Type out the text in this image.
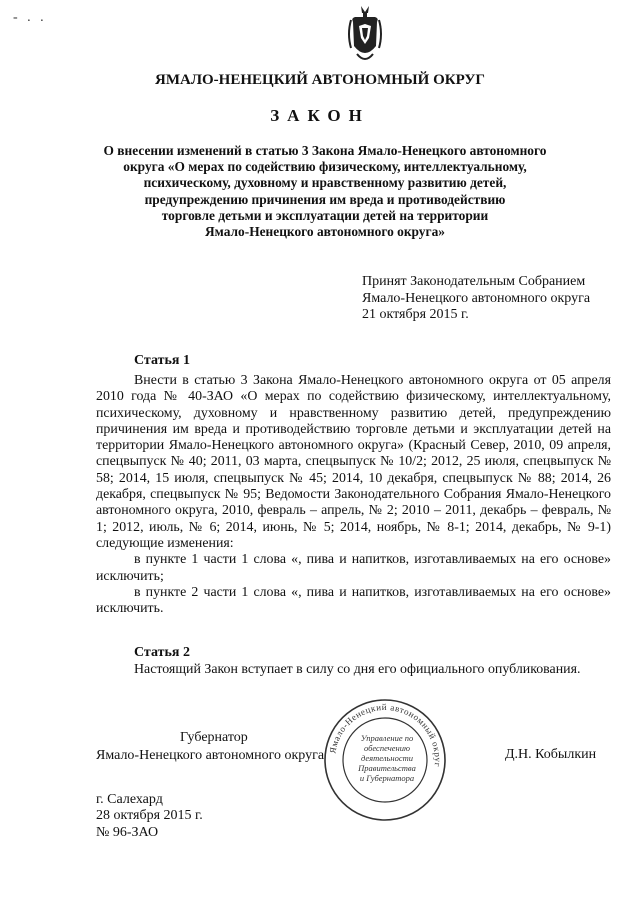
- . .
ЯМАЛО-НЕНЕЦКИЙ АВТОНОМНЫЙ ОКРУГ
ЗАКОН
О внесении изменений в статью 3 Закона Ямало-Ненецкого автономного
округа «О мерах по содействию физическому, интеллектуальному,
психическому, духовному и нравственному развитию детей,
предупреждению причинения им вреда и противодействию
торговле детьми и эксплуатации детей на территории
Ямало-Ненецкого автономного округа»
Принят Законодательным Собранием
Ямало-Ненецкого автономного округа
21 октября 2015 г.
Статья 1

Внести в статью 3 Закона Ямало-Ненецкого автономного округа от 05 апреля 2010 года № 40-ЗАО «О мерах по содействию физическому, интеллектуальному, психическому, духовному и нравственному развитию детей, предупреждению причинения им вреда и противодействию торговле детьми и эксплуатации детей на территории Ямало-Ненецкого автономного округа» (Красный Север, 2010, 09 апреля, спецвыпуск № 40; 2011, 03 марта, спецвыпуск № 10/2; 2012, 25 июля, спецвыпуск № 58; 2014, 15 июля, спецвыпуск № 45; 2014, 10 декабря, спецвыпуск № 88; 2014, 26 декабря, спецвыпуск № 95; Ведомости Законодательного Собрания Ямало-Ненецкого автономного округа, 2010, февраль – апрель, № 2; 2010 – 2011, декабрь – февраль, № 1; 2012, июль, № 6; 2014, июнь, № 5; 2014, ноябрь, № 8-1; 2014, декабрь, № 9-1) следующие изменения:

в пункте 1 части 1 слова «, пива и напитков, изготавливаемых на его основе» исключить;

в пункте 2 части 1 слова «, пива и напитков, изготавливаемых на его основе» исключить.

Статья 2

Настоящий Закон вступает в силу со дня его официального опубликования.

Ямало-Ненецкий автономный округ
Управление по
обеспечению
деятельности
Правительства
и Губернатора
Губернатор
Ямало-Ненецкого автономного округа	Д.Н. Кобылкин
г. Салехард
28 октября 2015 г.
№ 96-ЗАО
